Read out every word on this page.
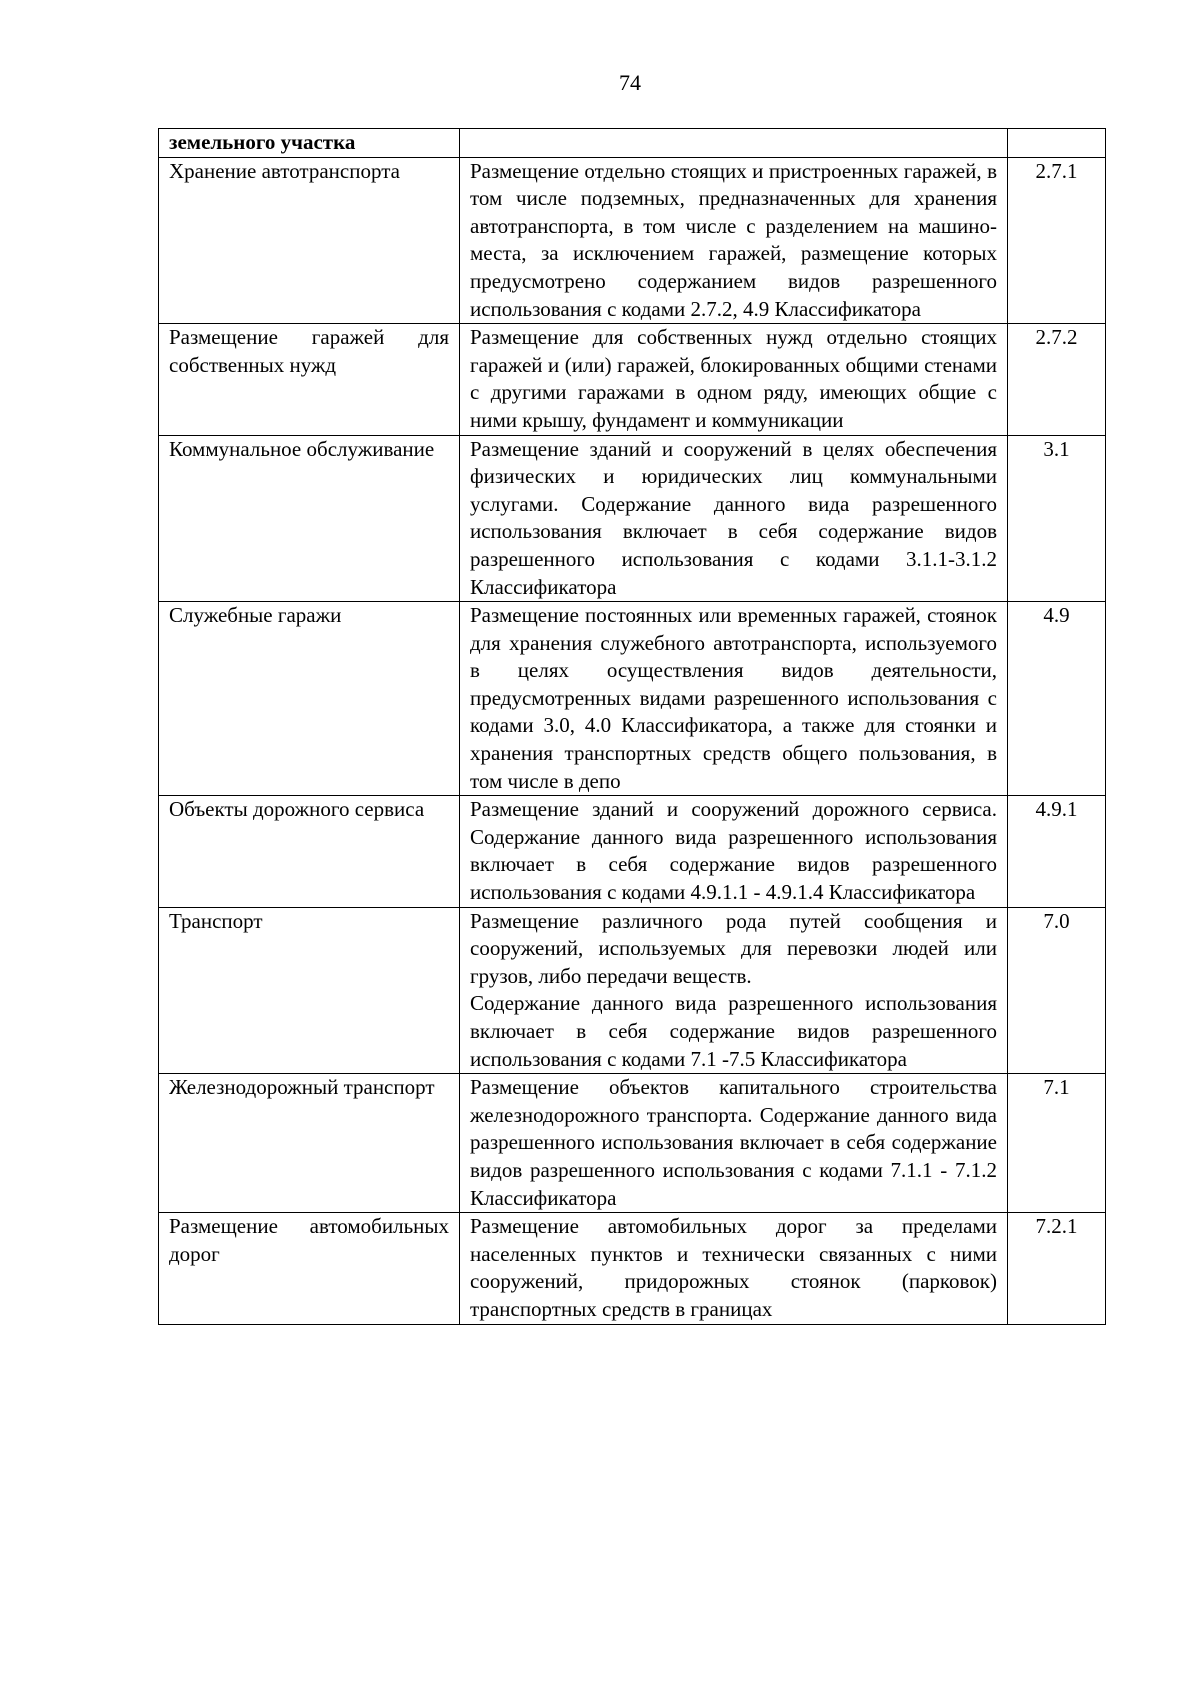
74
земельного участка		
Хранение автотранспорта	Размещение отдельно стоящих и пристроенных гаражей, в том числе подземных, предназначенных для хранения автотранспорта, в том числе с разделением на машино-места, за исключением гаражей, размещение которых предусмотрено содержанием видов разрешенного использования с кодами 2.7.2, 4.9 Классификатора	2.7.1
Размещение гаражей для собственных нужд	Размещение для собственных нужд отдельно стоящих гаражей и (или) гаражей, блокированных общими стенами с другими гаражами в одном ряду, имеющих общие с ними крышу, фундамент и коммуникации	2.7.2
Коммунальное обслуживание	Размещение зданий и сооружений в целях обеспечения физических и юридических лиц коммунальными услугами. Содержание данного вида разрешенного использования включает в себя содержание видов разрешенного использования с кодами 3.1.1-3.1.2 Классификатора	3.1
Служебные гаражи	Размещение постоянных или временных гаражей, стоянок для хранения служебного автотранспорта, используемого в целях осуществления видов деятельности, предусмотренных видами разрешенного использования с кодами 3.0, 4.0 Классификатора, а также для стоянки и хранения транспортных средств общего пользования, в том числе в депо	4.9
Объекты дорожного сервиса	Размещение зданий и сооружений дорожного сервиса. Содержание данного вида разрешенного использования включает в себя содержание видов разрешенного использования с кодами 4.9.1.1 - 4.9.1.4 Классификатора	4.9.1
Транспорт	Размещение различного рода путей сообщения и сооружений, используемых для перевозки людей или грузов, либо передачи веществ.
Содержание данного вида разрешенного использования включает в себя содержание видов разрешенного использования с кодами 7.1 -7.5 Классификатора	7.0
Железнодорожный транспорт	Размещение объектов капитального строительства железнодорожного транспорта. Содержание данного вида разрешенного использования включает в себя содержание видов разрешенного использования с кодами 7.1.1 - 7.1.2 Классификатора	7.1
Размещение автомобильных дорог	Размещение автомобильных дорог за пределами населенных пунктов и технически связанных с ними сооружений, придорожных стоянок (парковок) транспортных средств в границах	7.2.1
